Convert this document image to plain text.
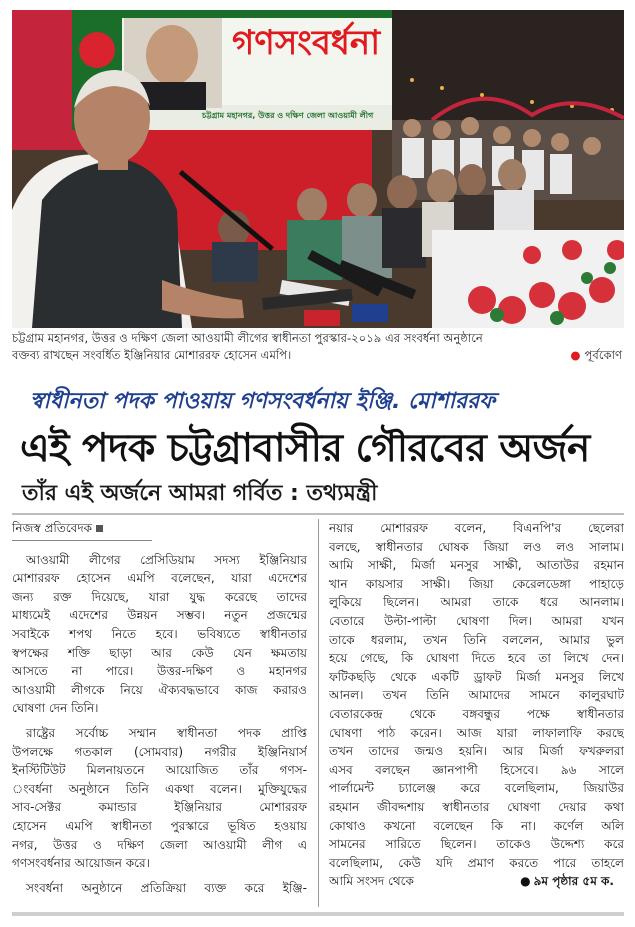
গণসংবর্ধনা
চট্টগ্রাম মহানগর, উত্তর ও দক্ষিণ জেলা আওয়ামী লীগ
চট্টগ্রাম মহানগর, উত্তর ও দক্ষিণ জেলা আওয়ামী লীগের স্বাধীনতা পুরস্কার-২০১৯ এর সংবর্ধনা অনুষ্ঠানে
বক্তব্য রাখছেন সংবর্ধিত ইঞ্জিনিয়ার মোশাররফ হোসেন এমপি।	● পূর্বকোণ
স্বাধীনতা পদক পাওয়ায় গণসংবর্ধনায় ইঞ্জি. মোশাররফ
এই পদক চট্টগ্রাবাসীর গৌরবের অর্জন
তাঁর এই অর্জনে আমরা গর্বিত : তথ্যমন্ত্রী
নিজস্ব প্রতিবেদক
আওয়ামী লীগের প্রেসিডিয়াম সদস্য ইঞ্জিনিয়ার
মোশাররফ হোসেন এমপি বলেছেন, যারা এদেশের
জন্য রক্ত দিয়েছে, যারা যুদ্ধ করেছে তাদের
মাধ্যমেই এদেশের উন্নয়ন সম্ভব। নতুন প্রজন্মের
সবাইকে শপথ নিতে হবে। ভবিষ্যতে স্বাধীনতার
স্বপক্ষের শক্তি ছাড়া আর কেউ যেন ক্ষমতায়
আসতে না পারে। উত্তর-দক্ষিণ ও মহানগর
আওয়ামী লীগকে নিয়ে ঐক্যবদ্ধভাবে কাজ করারও
ঘোষণা দেন তিনি।
রাষ্ট্রের সর্বোচ্চ সম্মান স্বাধীনতা পদক প্রাপ্তি
উপলক্ষে গতকাল (সোমবার) নগরীর ইঞ্জিনিয়ার্স
ইনস্টিটিউট মিলনায়তনে আয়োজিত তাঁর গণস-
ংবর্ধনা অনুষ্ঠানে তিনি একথা বলেন। মুক্তিযুদ্ধের
সাব-সেক্টর কমান্ডার ইঞ্জিনিয়ার মোশাররফ
হোসেন এমপি স্বাধীনতা পুরস্কারে ভূষিত হওয়ায়
নগর, উত্তর ও দক্ষিণ জেলা আওয়ামী লীগ এ
গণসংবর্ধনার আয়োজন করে।
সংবর্ধনা অনুষ্ঠানে প্রতিক্রিয়া ব্যক্ত করে ইঞ্জি-
নয়ার মোশাররফ বলেন, বিএনপি'র ছেলেরা
বলছে, স্বাধীনতার ঘোষক জিয়া লও লও সালাম।
আমি সাক্ষী, মির্জা মনসুর সাক্ষী, আতাউর রহমান
খান কায়সার সাক্ষী। জিয়া কেরেলডেঙ্গা পাহাড়ে
লুকিয়ে ছিলেন। আমরা তাকে ধরে আনলাম।
বেতারে উল্টা-পাল্টা ঘোষণা দিল। আমরা যখন
তাকে ধরলাম, তখন তিনি বললেন, আমার ভুল
হয়ে গেছে, কি ঘোষণা দিতে হবে তা লিখে দেন।
ফটিকছড়ি থেকে একটি ড্রাফট মির্জা মনসুর লিখে
আনল। তখন তিনি আমাদের সামনে কালুরঘাট
বেতারকেন্দ্র থেকে বঙ্গবন্ধুর পক্ষে স্বাধীনতার
ঘোষণা পাঠ করেন। আজ যারা লাফালাফি করছে
তখন তাদের জন্মও হয়নি। আর মির্জা ফখরুলরা
এসব বলছেন জ্ঞানপাপী হিসেবে। ৯৬ সালে
পার্লামেন্ট চ্যালেঞ্জ করে বলেছিলাম, জিয়াউর
রহমান জীবদ্দশায় স্বাধীনতার ঘোষণা দেয়ার কথা
কোথাও কখনো বলেছেন কি না। কর্ণেল অলি
সামনের সারিতে ছিলেন। তাকেও উদ্দেশ্য করে
বলেছিলাম, কেউ যদি প্রমাণ করতে পারে তাহলে
আমি সংসদ থেকে	● ৯ম পৃষ্ঠার ৫ম ক.
